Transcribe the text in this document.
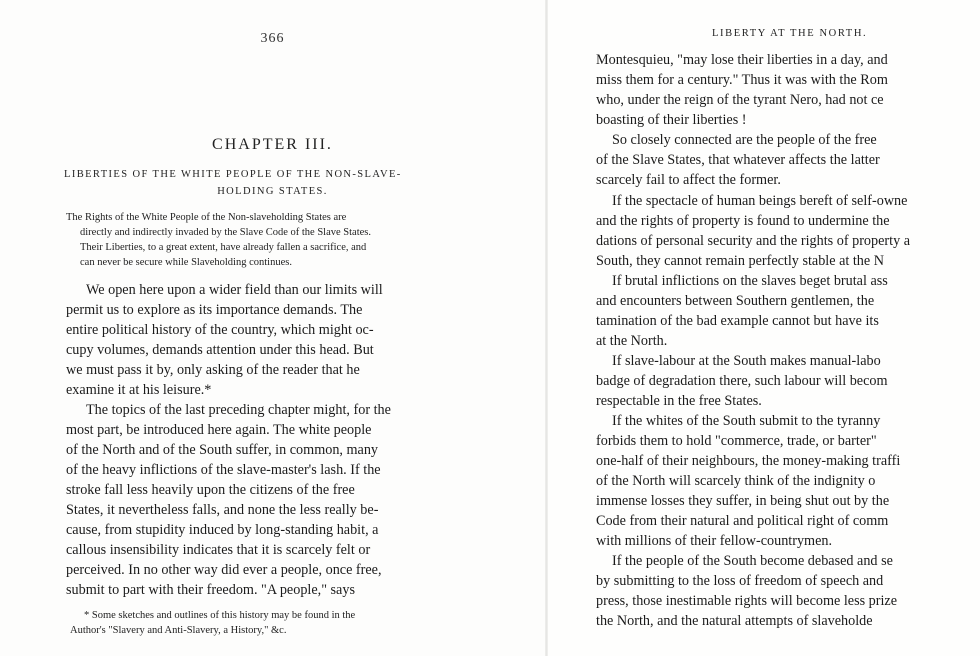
366
CHAPTER III.
LIBERTIES OF THE WHITE PEOPLE OF THE NON-SLAVE-
HOLDING STATES.
The Rights of the White People of the Non-slaveholding States are
directly and indirectly invaded by the Slave Code of the Slave States.
Their Liberties, to a great extent, have already fallen a sacrifice, and
can never be secure while Slaveholding continues.
We open here upon a wider field than our limits will
permit us to explore as its importance demands. The
entire political history of the country, which might oc-
cupy volumes, demands attention under this head. But
we must pass it by, only asking of the reader that he
examine it at his leisure.*
The topics of the last preceding chapter might, for the
most part, be introduced here again. The white people
of the North and of the South suffer, in common, many
of the heavy inflictions of the slave-master's lash. If the
stroke fall less heavily upon the citizens of the free
States, it nevertheless falls, and none the less really be-
cause, from stupidity induced by long-standing habit, a
callous insensibility indicates that it is scarcely felt or
perceived. In no other way did ever a people, once free,
submit to part with their freedom. "A people," says
* Some sketches and outlines of this history may be found in the
Author's "Slavery and Anti-Slavery, a History," &c.
LIBERTY AT THE NORTH.
Montesquieu, "may lose their liberties in a day, and
miss them for a century." Thus it was with the Rom
who, under the reign of the tyrant Nero, had not ce
boasting of their liberties !
So closely connected are the people of the free
of the Slave States, that whatever affects the latter
scarcely fail to affect the former.
If the spectacle of human beings bereft of self-owne
and the rights of property is found to undermine the
dations of personal security and the rights of property a
South, they cannot remain perfectly stable at the N
If brutal inflictions on the slaves beget brutal ass
and encounters between Southern gentlemen, the
tamination of the bad example cannot but have its
at the North.
If slave-labour at the South makes manual-labo
badge of degradation there, such labour will becom
respectable in the free States.
If the whites of the South submit to the tyranny
forbids them to hold "commerce, trade, or barter"
one-half of their neighbours, the money-making traffi
of the North will scarcely think of the indignity o
immense losses they suffer, in being shut out by the
Code from their natural and political right of comm
with millions of their fellow-countrymen.
If the people of the South become debased and se
by submitting to the loss of freedom of speech and
press, those inestimable rights will become less prize
the North, and the natural attempts of slaveholde
